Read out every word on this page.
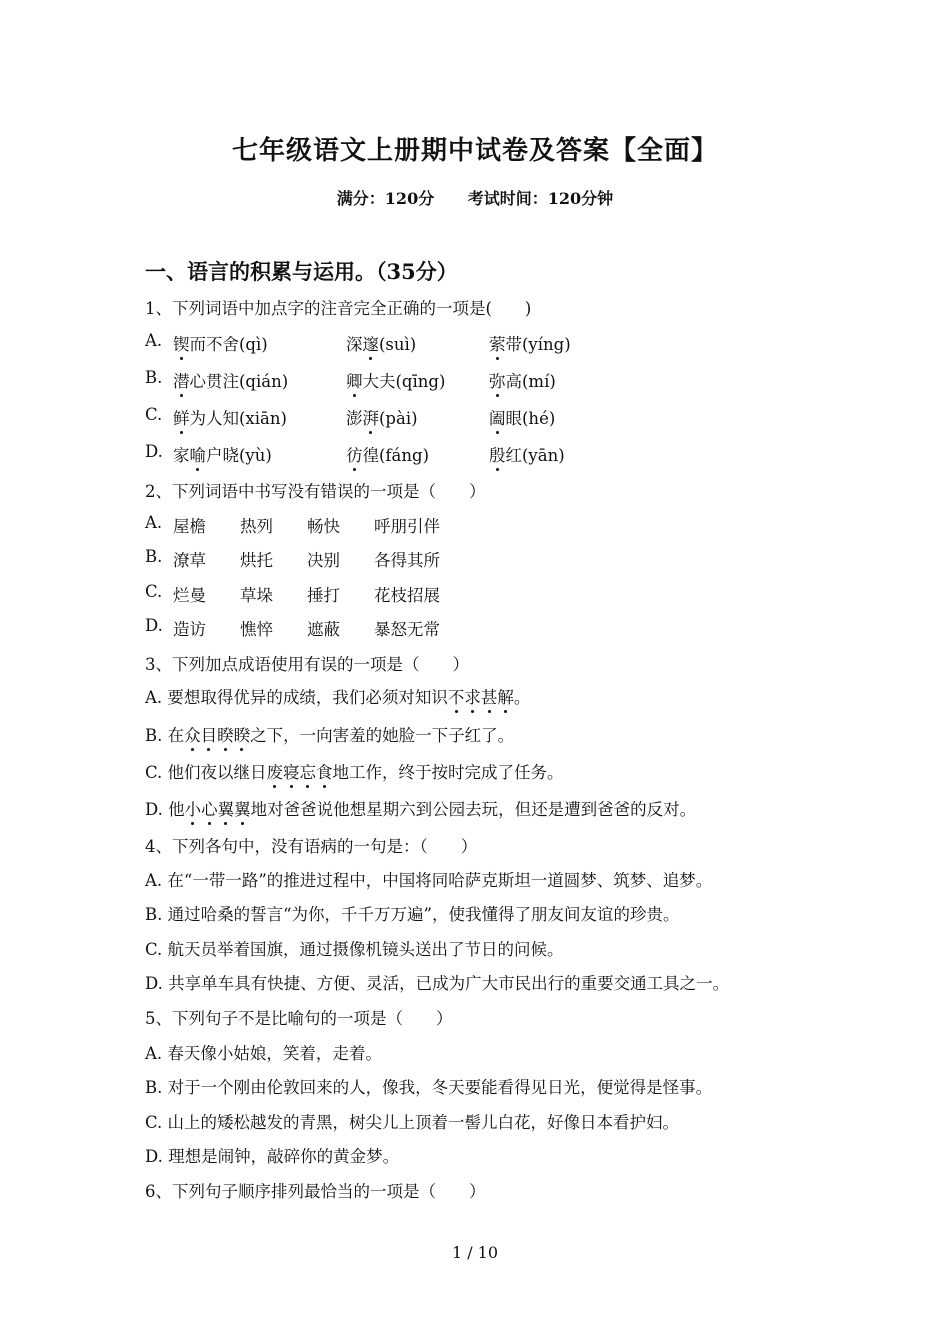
七年级语文上册期中试卷及答案【全面】
满分：120分 考试时间：120分钟
一、语言的积累与运用。（35分）
1、下列词语中加点字的注音完全正确的一项是(　　)
A. 锲而不舍(qì)	深邃(suì)	萦带(yíng)
B. 潜心贯注(qián)	卿大夫(qīng)	弥高(mí)
C. 鲜为人知(xiān)	澎湃(pài)	阖眼(hé)
D. 家喻户晓(yù)	彷徨(fáng)	殷红(yān)
2、下列词语中书写没有错误的一项是（　　）
A. 屋檐	热列	畅快	呼朋引伴
B. 潦草	烘托	决别	各得其所
C. 烂曼	草垛	捶打	花枝招展
D. 造访	憔悴	遮蔽	暴怒无常
3、下列加点成语使用有误的一项是（　　）
A. 要想取得优异的成绩，我们必须对知识不求甚解。
B. 在众目睽睽之下，一向害羞的她脸一下子红了。
C. 他们夜以继日废寝忘食地工作，终于按时完成了任务。
D. 他小心翼翼地对爸爸说他想星期六到公园去玩，但还是遭到爸爸的反对。
4、下列各句中，没有语病的一句是：（　　）
A. 在“一带一路”的推进过程中，中国将同哈萨克斯坦一道圆梦、筑梦、追梦。
B. 通过哈桑的誓言“为你，千千万万遍”，使我懂得了朋友间友谊的珍贵。
C. 航天员举着国旗，通过摄像机镜头送出了节日的问候。
D. 共享单车具有快捷、方便、灵活，已成为广大市民出行的重要交通工具之一。
5、下列句子不是比喻句的一项是（　　）
A. 春天像小姑娘，笑着，走着。
B. 对于一个刚由伦敦回来的人，像我，冬天要能看得见日光，便觉得是怪事。
C. 山上的矮松越发的青黑，树尖儿上顶着一髻儿白花，好像日本看护妇。
D. 理想是闹钟，敲碎你的黄金梦。
6、下列句子顺序排列最恰当的一项是（　　）
1 / 10
